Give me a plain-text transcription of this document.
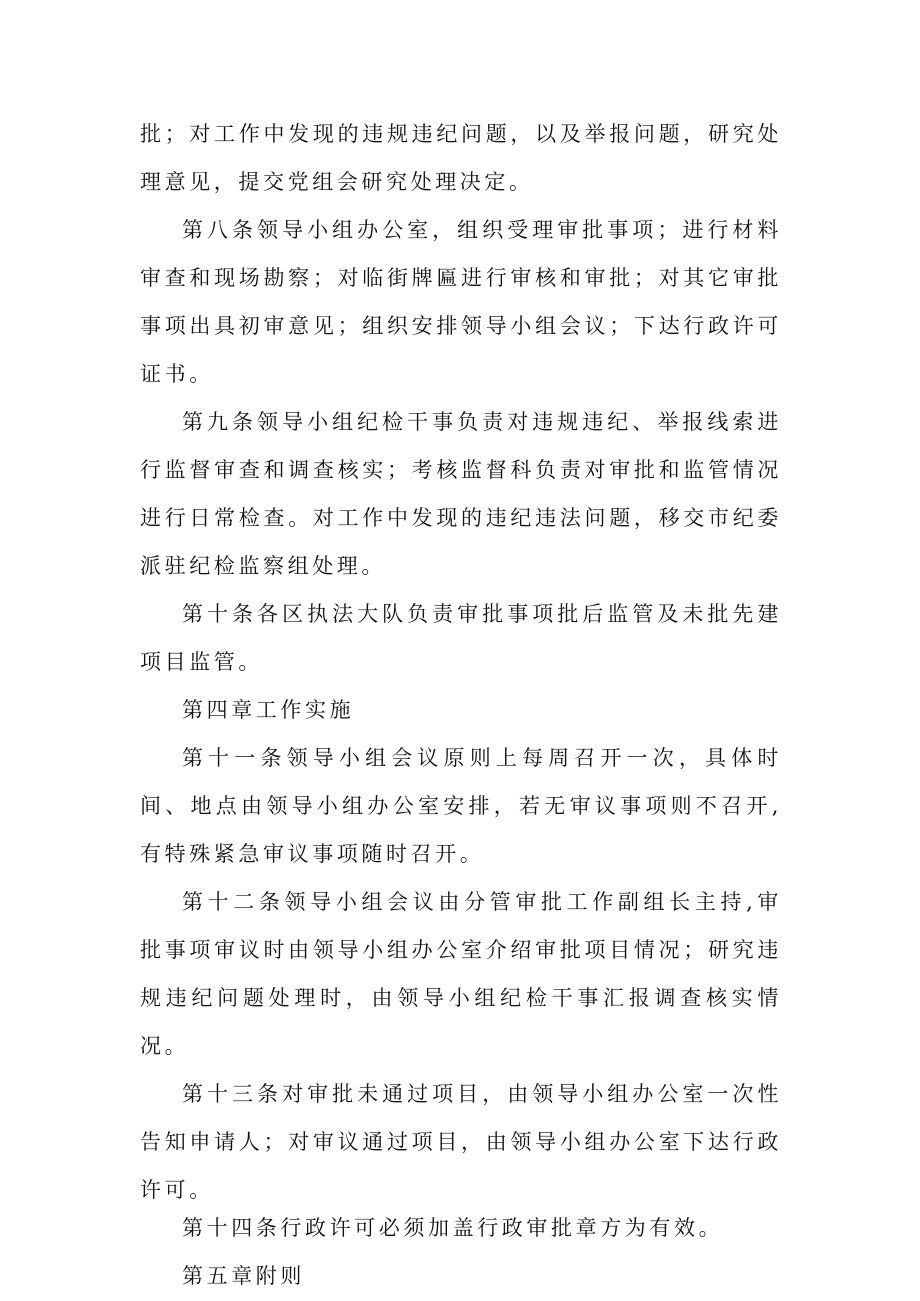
批；对工作中发现的违规违纪问题，以及举报问题，研究处理意见，提交党组会研究处理决定。

第八条领导小组办公室，组织受理审批事项；进行材料审查和现场勘察；对临街牌匾进行审核和审批；对其它审批事项出具初审意见；组织安排领导小组会议；下达行政许可证书。

第九条领导小组纪检干事负责对违规违纪、举报线索进行监督审查和调查核实；考核监督科负责对审批和监管情况进行日常检查。对工作中发现的违纪违法问题，移交市纪委派驻纪检监察组处理。

第十条各区执法大队负责审批事项批后监管及未批先建项目监管。

第四章工作实施

第十一条领导小组会议原则上每周召开一次，具体时间、地点由领导小组办公室安排，若无审议事项则不召开,有特殊紧急审议事项随时召开。

第十二条领导小组会议由分管审批工作副组长主持,审批事项审议时由领导小组办公室介绍审批项目情况；研究违规违纪问题处理时，由领导小组纪检干事汇报调查核实情况。

第十三条对审批未通过项目，由领导小组办公室一次性告知申请人；对审议通过项目，由领导小组办公室下达行政许可。

第十四条行政许可必须加盖行政审批章方为有效。

第五章附则
